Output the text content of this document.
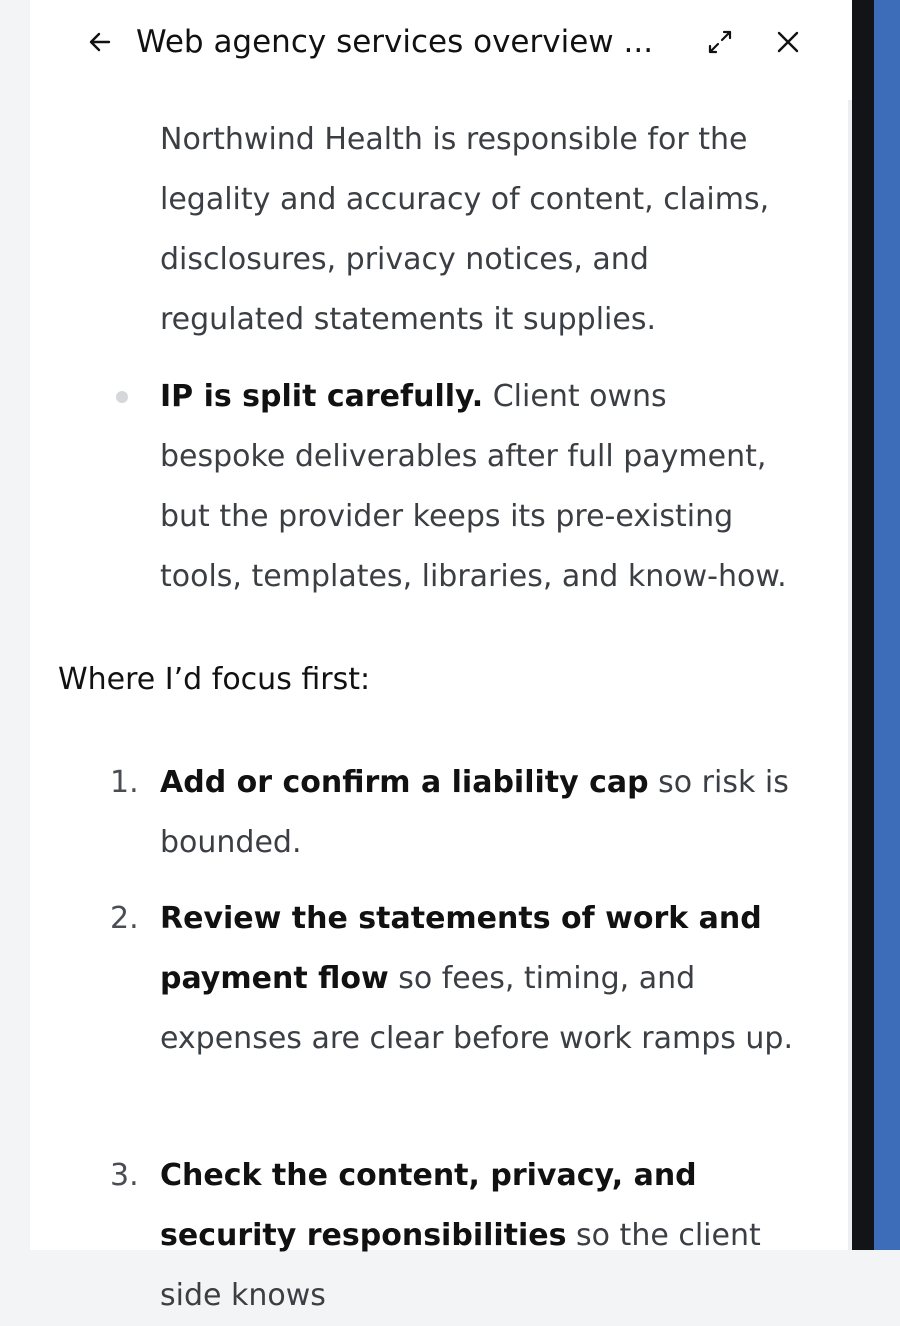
Web agency services overview ...
Northwind Health is responsible for the legality and accuracy of content, claims, disclosures, privacy notices, and regulated statements it supplies.
IP is split carefully. Client owns bespoke deliverables after full payment, but the provider keeps its pre-existing tools, templates, libraries, and know-how.
Where I’d focus first:
1. Add or confirm a liability cap so risk is bounded.
2. Review the statements of work and payment flow so fees, timing, and expenses are clear before work ramps up.
3. Check the content, privacy, and security responsibilities so the client side knows
